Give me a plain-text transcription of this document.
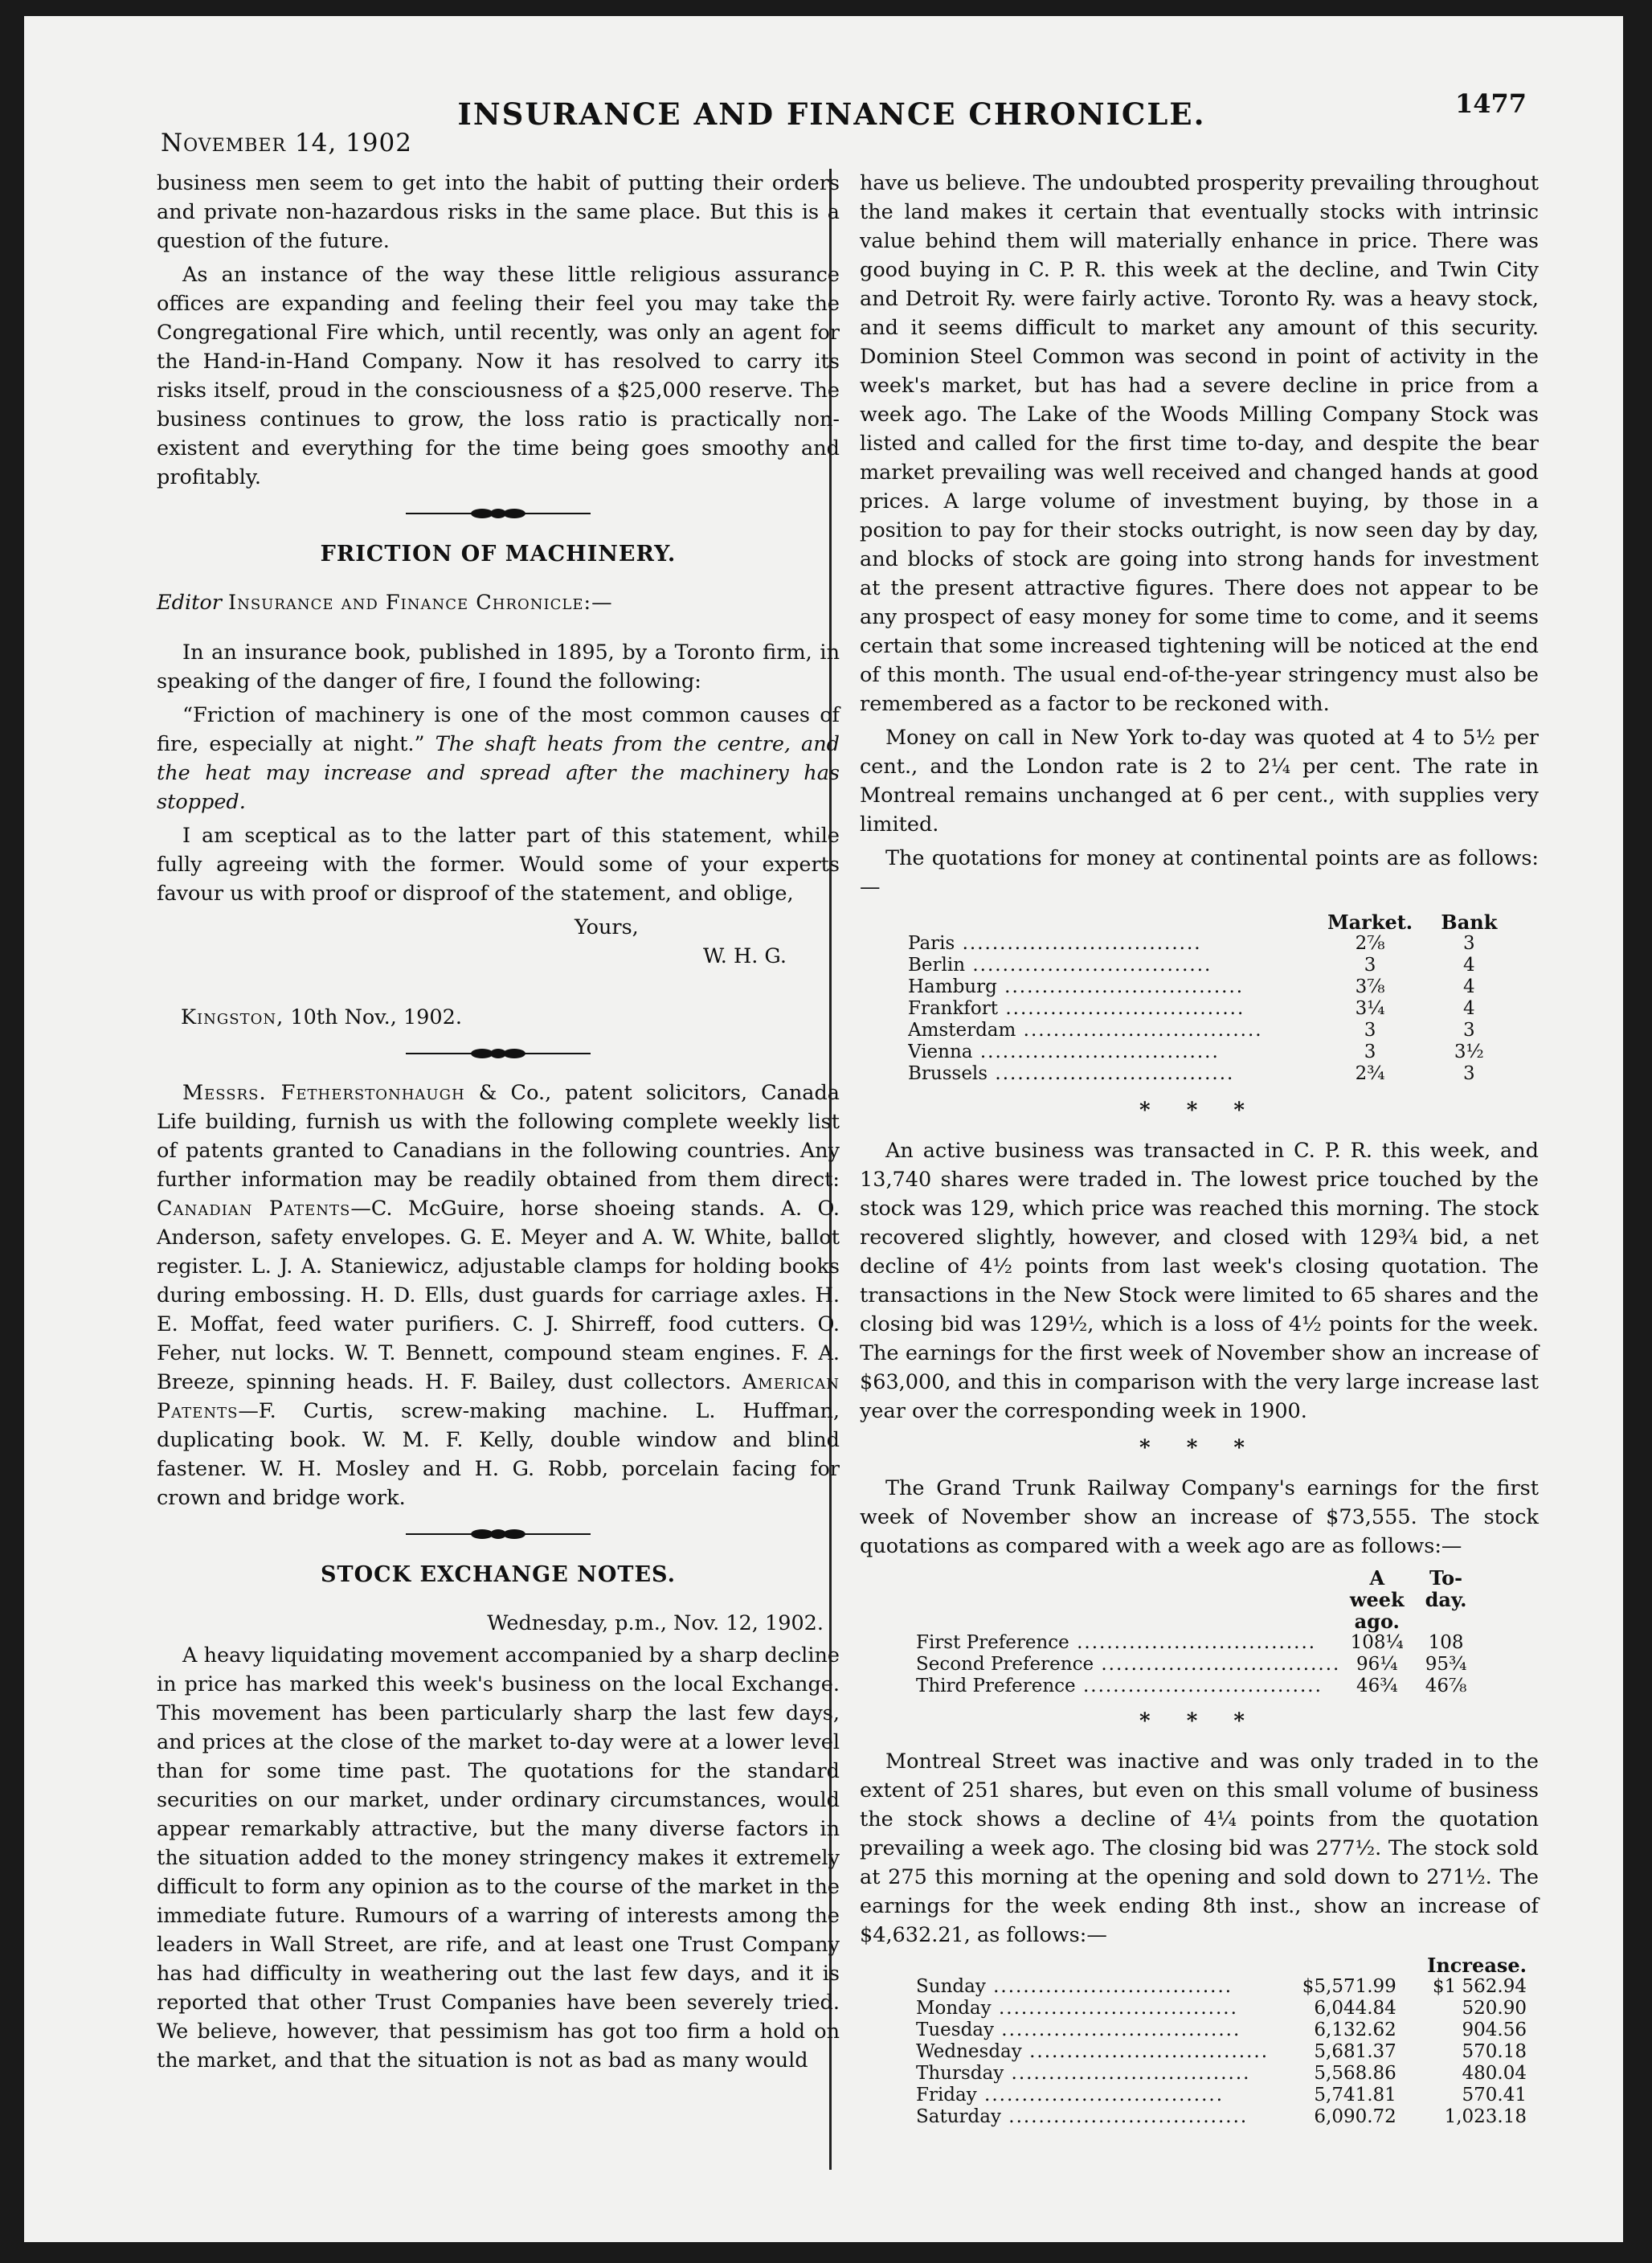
November 14, 1902
INSURANCE AND FINANCE CHRONICLE.	1477

business men seem to get into the habit of putting their orders and private non-hazardous risks in the same place. But this is a question of the future.

As an instance of the way these little religious assurance offices are expanding and feeling their feel you may take the Congregational Fire which, until recently, was only an agent for the Hand-in-Hand Company. Now it has resolved to carry its risks itself, proud in the consciousness of a $25,000 reserve. The business continues to grow, the loss ratio is practically non-existent and everything for the time being goes smoothy and profitably.

FRICTION OF MACHINERY.

Editor Insurance and Finance Chronicle:—

In an insurance book, published in 1895, by a Toronto firm, in speaking of the danger of fire, I found the following:

“Friction of machinery is one of the most common causes of fire, especially at night.” The shaft heats from the centre, and the heat may increase and spread after the machinery has stopped.

I am sceptical as to the latter part of this statement, while fully agreeing with the former. Would some of your experts favour us with proof or disproof of the statement, and oblige,

Yours,

W. H. G.

Kingston, 10th Nov., 1902.

Messrs. Fetherstonhaugh & Co., patent solicitors, Canada Life building, furnish us with the following complete weekly list of patents granted to Canadians in the following countries. Any further information may be readily obtained from them direct: Canadian Patents—C. McGuire, horse shoeing stands. A. O. Anderson, safety envelopes. G. E. Meyer and A. W. White, ballot register. L. J. A. Staniewicz, adjustable clamps for holding books during embossing. H. D. Ells, dust guards for carriage axles. H. E. Moffat, feed water purifiers. C. J. Shirreff, food cutters. O. Feher, nut locks. W. T. Bennett, compound steam engines. F. A. Breeze, spinning heads. H. F. Bailey, dust collectors. American Patents—F. Curtis, screw-making machine. L. Huffman, duplicating book. W. M. F. Kelly, double window and blind fastener. W. H. Mosley and H. G. Robb, porcelain facing for crown and bridge work.

STOCK EXCHANGE NOTES.

Wednesday, p.m., Nov. 12, 1902.

A heavy liquidating movement accompanied by a sharp decline in price has marked this week's business on the local Exchange. This movement has been particularly sharp the last few days, and prices at the close of the market to-day were at a lower level than for some time past. The quotations for the standard securities on our market, under ordinary circumstances, would appear remarkably attractive, but the many diverse factors in the situation added to the money stringency makes it extremely difficult to form any opinion as to the course of the market in the immediate future. Rumours of a warring of interests among the leaders in Wall Street, are rife, and at least one Trust Company has had difficulty in weathering out the last few days, and it is reported that other Trust Companies have been severely tried. We believe, however, that pessimism has got too firm a hold on the market, and that the situation is not as bad as many would

have us believe. The undoubted prosperity prevailing throughout the land makes it certain that eventually stocks with intrinsic value behind them will materially enhance in price. There was good buying in C. P. R. this week at the decline, and Twin City and Detroit Ry. were fairly active. Toronto Ry. was a heavy stock, and it seems difficult to market any amount of this security. Dominion Steel Common was second in point of activity in the week's market, but has had a severe decline in price from a week ago. The Lake of the Woods Milling Company Stock was listed and called for the first time to-day, and despite the bear market prevailing was well received and changed hands at good prices. A large volume of investment buying, by those in a position to pay for their stocks outright, is now seen day by day, and blocks of stock are going into strong hands for investment at the present attractive figures. There does not appear to be any prospect of easy money for some time to come, and it seems certain that some increased tightening will be noticed at the end of this month. The usual end-of-the-year stringency must also be remembered as a factor to be reckoned with.

Money on call in New York to-day was quoted at 4 to 5½ per cent., and the London rate is 2 to 2¼ per cent. The rate in Montreal remains unchanged at 6 per cent., with supplies very limited.

The quotations for money at continental points are as follows:—

	Market.	Bank
Paris .....	2⅞	3
Berlin .....	3	4
Hamburg .....	3⅞	4
Frankfort .....	3¼	4
Amsterdam .....	3	3
Vienna .....	3	3½
Brussels .....	2¾	3

* * *

An active business was transacted in C. P. R. this week, and 13,740 shares were traded in. The lowest price touched by the stock was 129, which price was reached this morning. The stock recovered slightly, however, and closed with 129¾ bid, a net decline of 4½ points from last week's closing quotation. The transactions in the New Stock were limited to 65 shares and the closing bid was 129½, which is a loss of 4½ points for the week. The earnings for the first week of November show an increase of $63,000, and this in comparison with the very large increase last year over the corresponding week in 1900.

* * *

The Grand Trunk Railway Company's earnings for the first week of November show an increase of $73,555. The stock quotations as compared with a week ago are as follows:—

	A week ago.	To-day.
First Preference .....	108¼	108
Second Preference .....	96¼	95¾
Third Preference .....	46¾	46⅞

* * *

Montreal Street was inactive and was only traded in to the extent of 251 shares, but even on this small volume of business the stock shows a decline of 4¼ points from the quotation prevailing a week ago. The closing bid was 277½. The stock sold at 275 this morning at the opening and sold down to 271½. The earnings for the week ending 8th inst., show an increase of $4,632.21, as follows:—

		Increase.
Sunday .....	$5,571.99	$1 562.94
Monday .....	6,044.84	520.90
Tuesday .....	6,132.62	904.56
Wednesday .....	5,681.37	570.18
Thursday .....	5,568.86	480.04
Friday .....	5,741.81	570.41
Saturday .....	6,090.72	1,023.18
